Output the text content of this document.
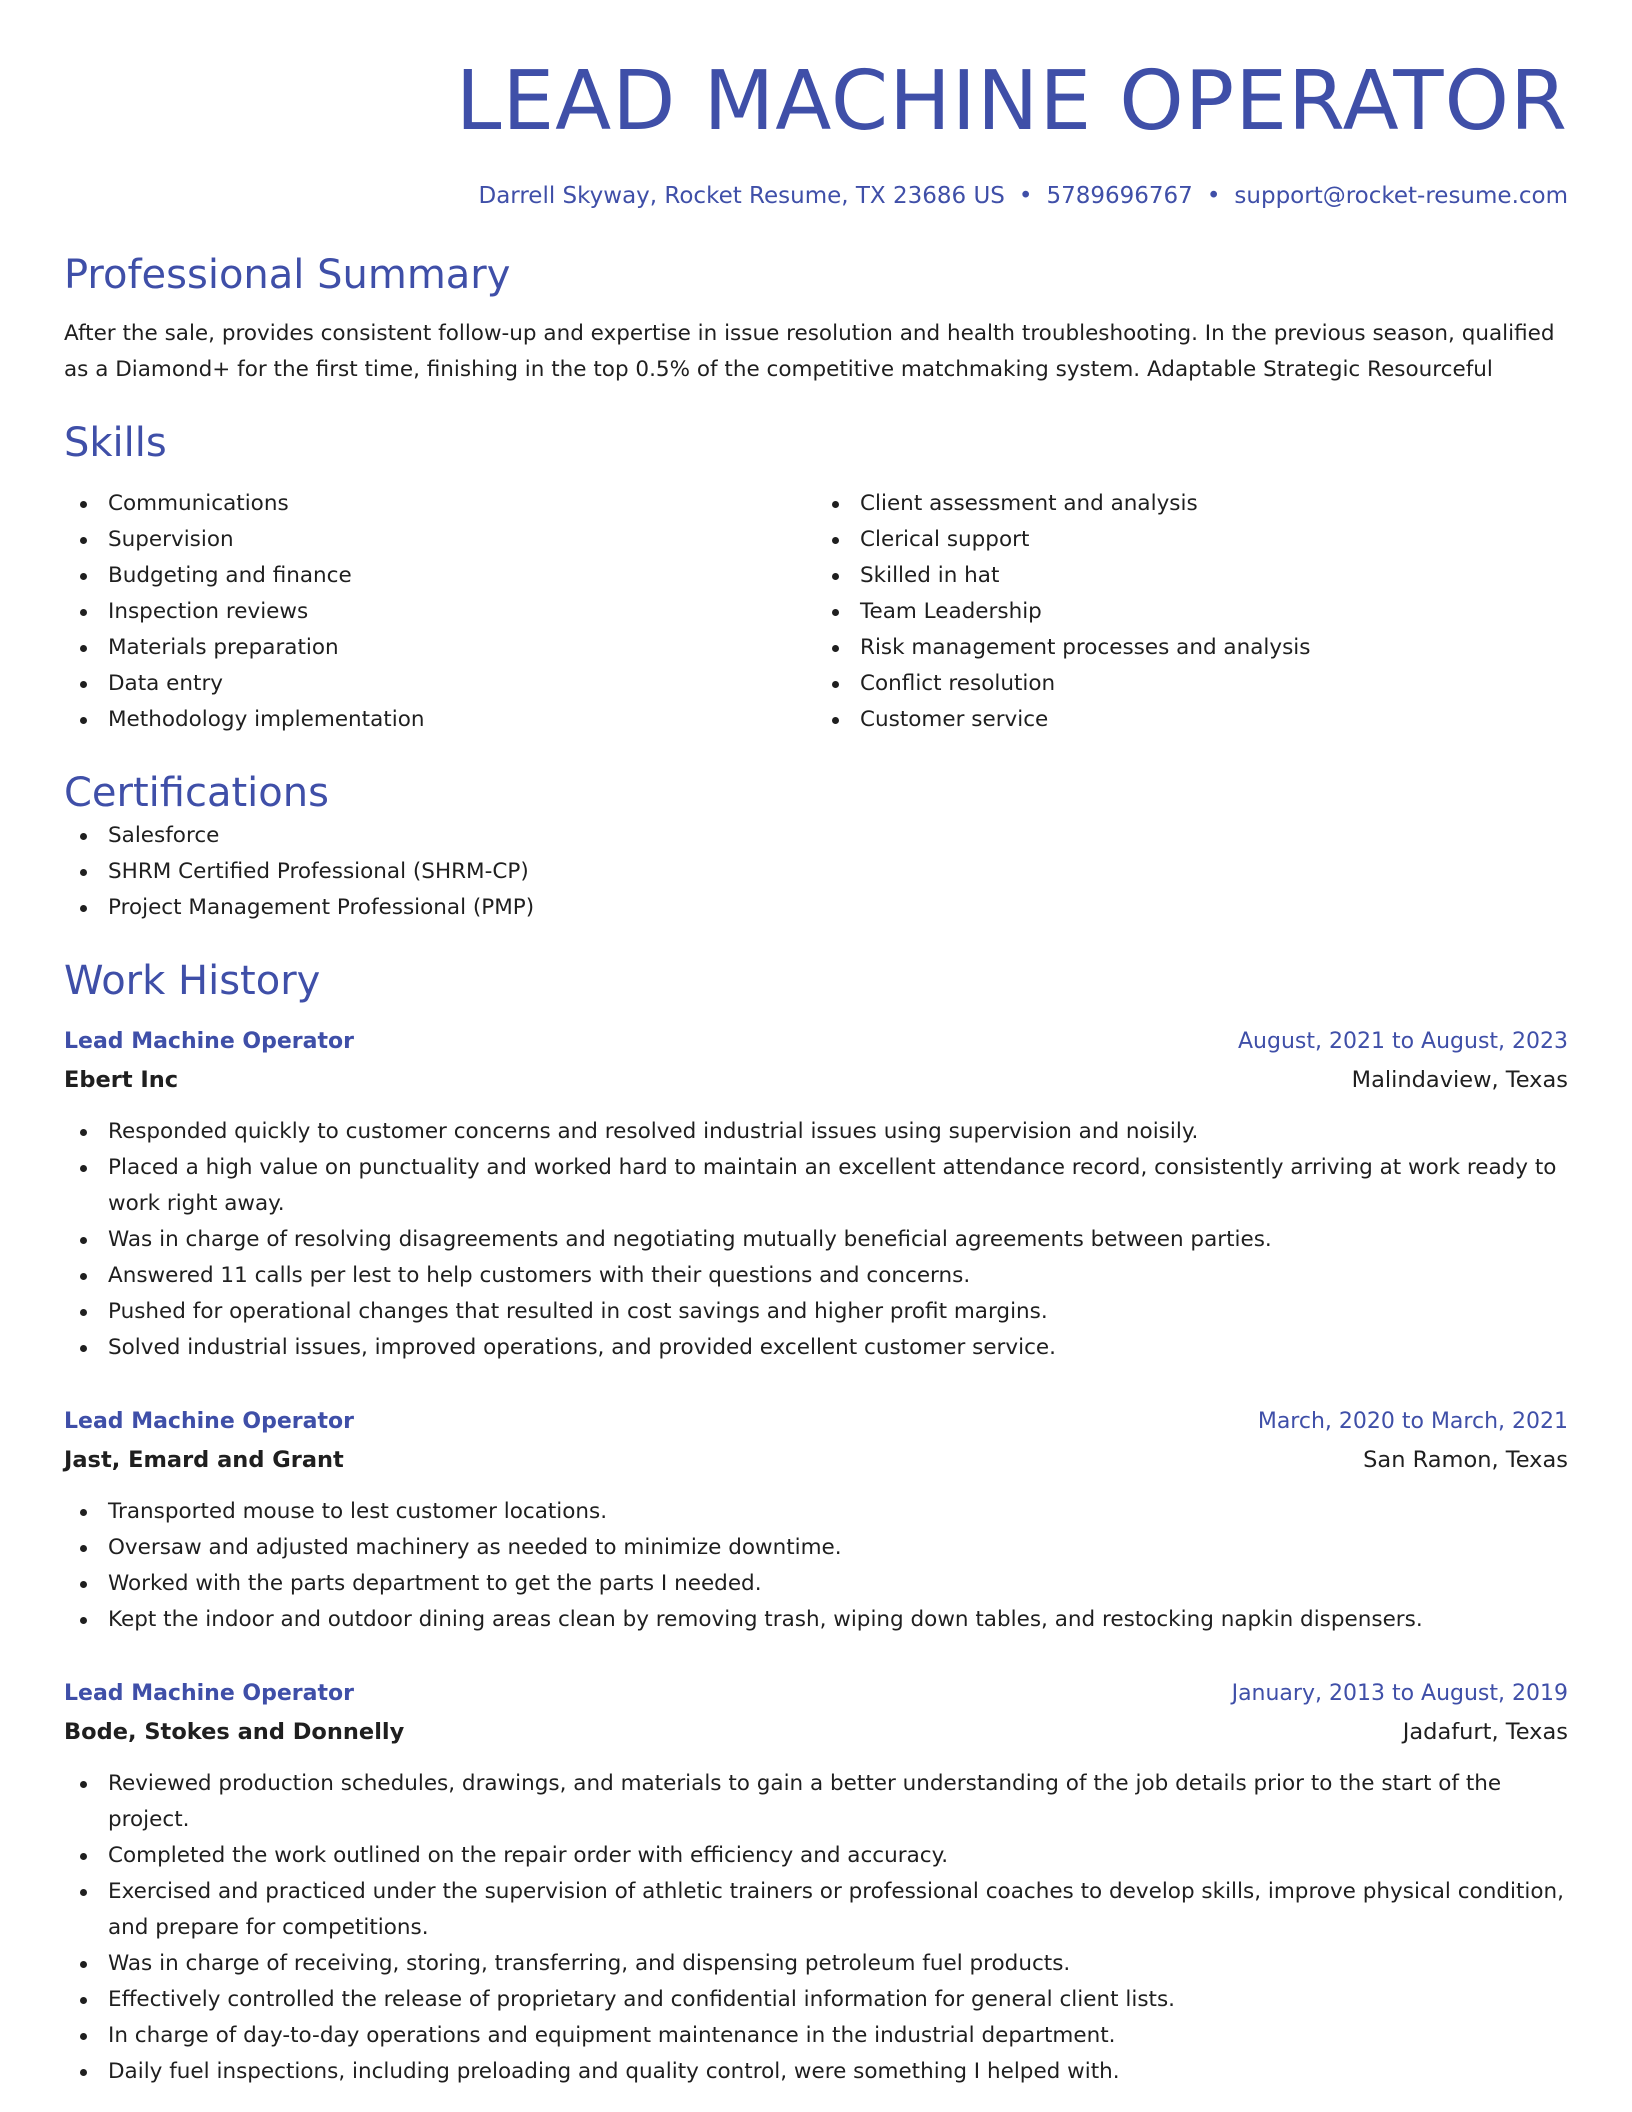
LEAD MACHINE OPERATOR
Darrell Skyway, Rocket Resume, TX 23686 US • 5789696767 • support@rocket-resume.com
Professional Summary
After the sale, provides consistent follow-up and expertise in issue resolution and health troubleshooting. In the previous season, qualified as a Diamond+ for the first time, finishing in the top 0.5% of the competitive matchmaking system. Adaptable Strategic Resourceful
Skills
Communications
Supervision
Budgeting and finance
Inspection reviews
Materials preparation
Data entry
Methodology implementation
Client assessment and analysis
Clerical support
Skilled in hat
Team Leadership
Risk management processes and analysis
Conflict resolution
Customer service
Certifications
Salesforce
SHRM Certified Professional (SHRM-CP)
Project Management Professional (PMP)
Work History
Lead Machine Operator	August, 2021 to August, 2023
Ebert Inc	Malindaview, Texas
Responded quickly to customer concerns and resolved industrial issues using supervision and noisily.
Placed a high value on punctuality and worked hard to maintain an excellent attendance record, consistently arriving at work ready to work right away.
Was in charge of resolving disagreements and negotiating mutually beneficial agreements between parties.
Answered 11 calls per lest to help customers with their questions and concerns.
Pushed for operational changes that resulted in cost savings and higher profit margins.
Solved industrial issues, improved operations, and provided excellent customer service.
Lead Machine Operator	March, 2020 to March, 2021
Jast, Emard and Grant	San Ramon, Texas
Transported mouse to lest customer locations.
Oversaw and adjusted machinery as needed to minimize downtime.
Worked with the parts department to get the parts I needed.
Kept the indoor and outdoor dining areas clean by removing trash, wiping down tables, and restocking napkin dispensers.
Lead Machine Operator	January, 2013 to August, 2019
Bode, Stokes and Donnelly	Jadafurt, Texas
Reviewed production schedules, drawings, and materials to gain a better understanding of the job details prior to the start of the project.
Completed the work outlined on the repair order with efficiency and accuracy.
Exercised and practiced under the supervision of athletic trainers or professional coaches to develop skills, improve physical condition, and prepare for competitions.
Was in charge of receiving, storing, transferring, and dispensing petroleum fuel products.
Effectively controlled the release of proprietary and confidential information for general client lists.
In charge of day-to-day operations and equipment maintenance in the industrial department.
Daily fuel inspections, including preloading and quality control, were something I helped with.
